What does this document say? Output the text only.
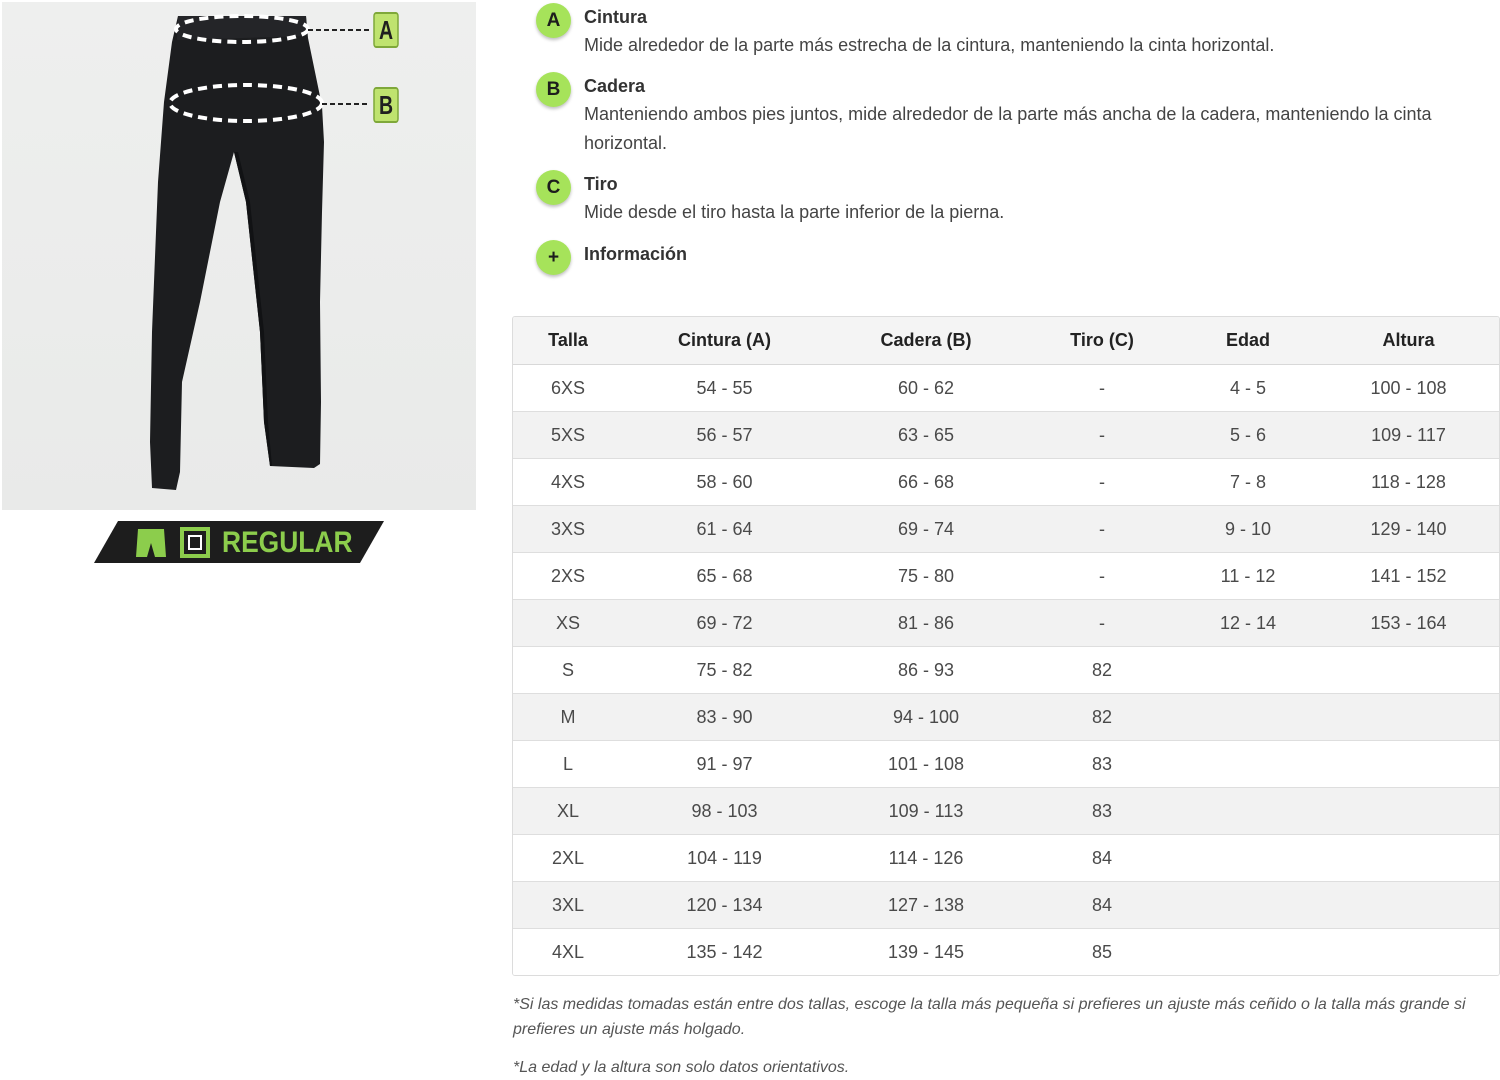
A
B
REGULAR
A	Cintura

Mide alrededor de la parte más estrecha de la cintura, manteniendo la cinta horizontal.

B	Cadera

Manteniendo ambos pies juntos, mide alrededor de la parte más ancha de la cadera, manteniendo la cinta horizontal.

C	Tiro

Mide desde el tiro hasta la parte inferior de la pierna.

+	Información
Talla	Cintura (A)	Cadera (B)	Tiro (C)	Edad	Altura
6XS	54 - 55	60 - 62	-	4 - 5	100 - 108
5XS	56 - 57	63 - 65	-	5 - 6	109 - 117
4XS	58 - 60	66 - 68	-	7 - 8	118 - 128
3XS	61 - 64	69 - 74	-	9 - 10	129 - 140
2XS	65 - 68	75 - 80	-	11 - 12	141 - 152
XS	69 - 72	81 - 86	-	12 - 14	153 - 164
S	75 - 82	86 - 93	82		
M	83 - 90	94 - 100	82		
L	91 - 97	101 - 108	83		
XL	98 - 103	109 - 113	83		
2XL	104 - 119	114 - 126	84		
3XL	120 - 134	127 - 138	84		
4XL	135 - 142	139 - 145	85		

*Si las medidas tomadas están entre dos tallas, escoge la talla más pequeña si prefieres un ajuste más ceñido o la talla más grande si prefieres un ajuste más holgado.

*La edad y la altura son solo datos orientativos.
